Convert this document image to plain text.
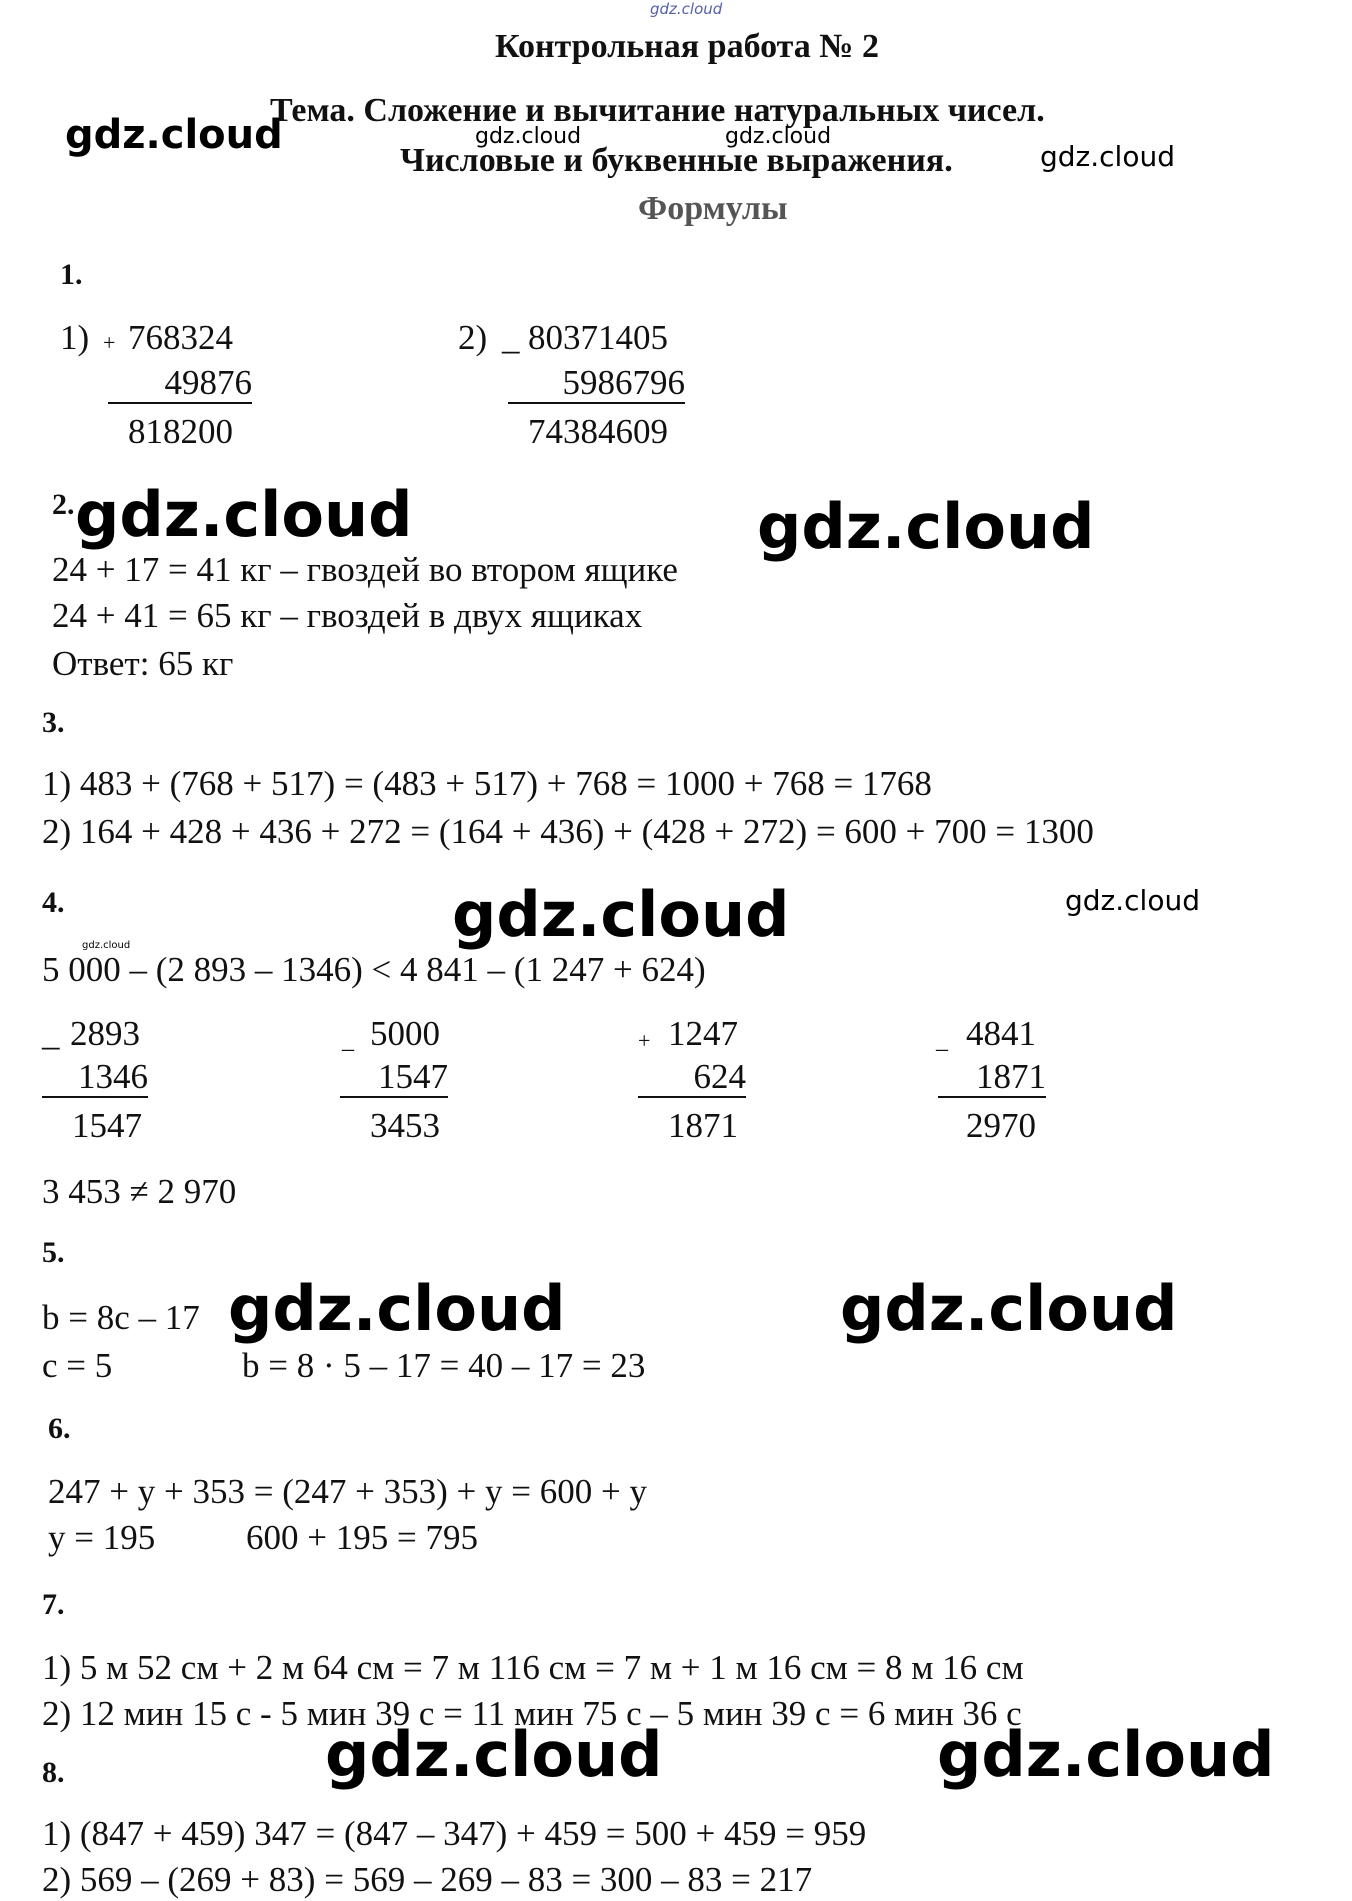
gdz.cloud
Контрольная работа № 2
Тема. Сложение и вычитание натуральных чисел.
Числовые и буквенные выражения.
Формулы
gdz.cloud	gdz.cloud	gdz.cloud
gdz.cloud
1.
1) + 768324
49876
818200
2) _ 80371405
5986796
74384609
2.
24 + 17 = 41 кг – гвоздей во втором ящике
24 + 41 = 65 кг – гвоздей в двух ящиках
Ответ: 65 кг
gdz.cloud	gdz.cloud
3.
1) 483 + (768 + 517) = (483 + 517) + 768 = 1000 + 768 = 1768
2) 164 + 428 + 436 + 272 = (164 + 436) + (428 + 272) = 600 + 700 = 1300
4.	gdz.cloud	gdz.cloud
gdz.cloud
5 000 – (2 893 – 1346) < 4 841 – (1 247 + 624)
_ 2893
1346
1547
_ 5000
1547
3453
+ 1247
624
1871
_ 4841
1871
2970
3 453 ≠ 2 970
5.
b = 8c – 17
c = 5	b = 8 · 5 – 17 = 40 – 17 = 23
gdz.cloud	gdz.cloud
6.
247 + y + 353 = (247 + 353) + y = 600 + y
y = 195	600 + 195 = 795
7.
1) 5 м 52 см + 2 м 64 см = 7 м 116 см = 7 м + 1 м 16 см = 8 м 16 см
2) 12 мин 15 с - 5 мин 39 с = 11 мин 75 с – 5 мин 39 с = 6 мин 36 с
8.	gdz.cloud	gdz.cloud
1) (847 + 459) 347 = (847 – 347) + 459 = 500 + 459 = 959
2) 569 – (269 + 83) = 569 – 269 – 83 = 300 – 83 = 217
